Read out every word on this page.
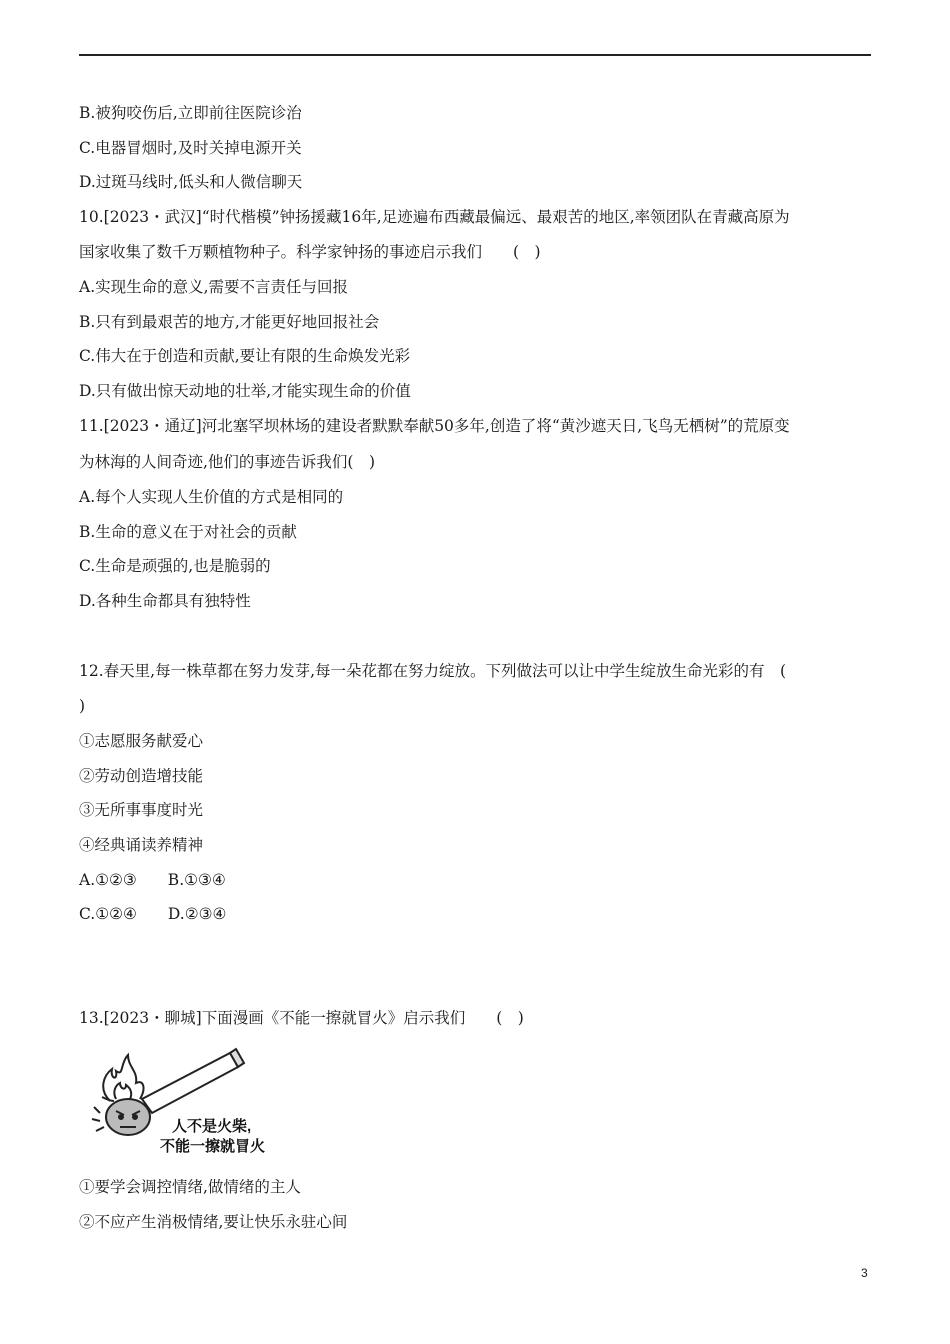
B.被狗咬伤后,立即前往医院诊治
C.电器冒烟时,及时关掉电源开关
D.过斑马线时,低头和人微信聊天
10.[2023・武汉]“时代楷模”钟扬援藏16年,足迹遍布西藏最偏远、最艰苦的地区,率领团队在青藏高原为
国家收集了数千万颗植物种子。科学家钟扬的事迹启示我们　　(　)
A.实现生命的意义,需要不言责任与回报
B.只有到最艰苦的地方,才能更好地回报社会
C.伟大在于创造和贡献,要让有限的生命焕发光彩
D.只有做出惊天动地的壮举,才能实现生命的价值
11.[2023・通辽]河北塞罕坝林场的建设者默默奉献50多年,创造了将“黄沙遮天日,飞鸟无栖树”的荒原变
为林海的人间奇迹,他们的事迹告诉我们(　)
A.每个人实现人生价值的方式是相同的
B.生命的意义在于对社会的贡献
C.生命是顽强的,也是脆弱的
D.各种生命都具有独特性
12.春天里,每一株草都在努力发芽,每一朵花都在努力绽放。下列做法可以让中学生绽放生命光彩的有　(
)
①志愿服务献爱心
②劳动创造增技能
③无所事事度时光
④经典诵读养精神
A.①②③　　B.①③④
C.①②④　　D.②③④
13.[2023・聊城]下面漫画《不能一擦就冒火》启示我们　　(　)
人不是火柴,
不能一擦就冒火
①要学会调控情绪,做情绪的主人
②不应产生消极情绪,要让快乐永驻心间
3
